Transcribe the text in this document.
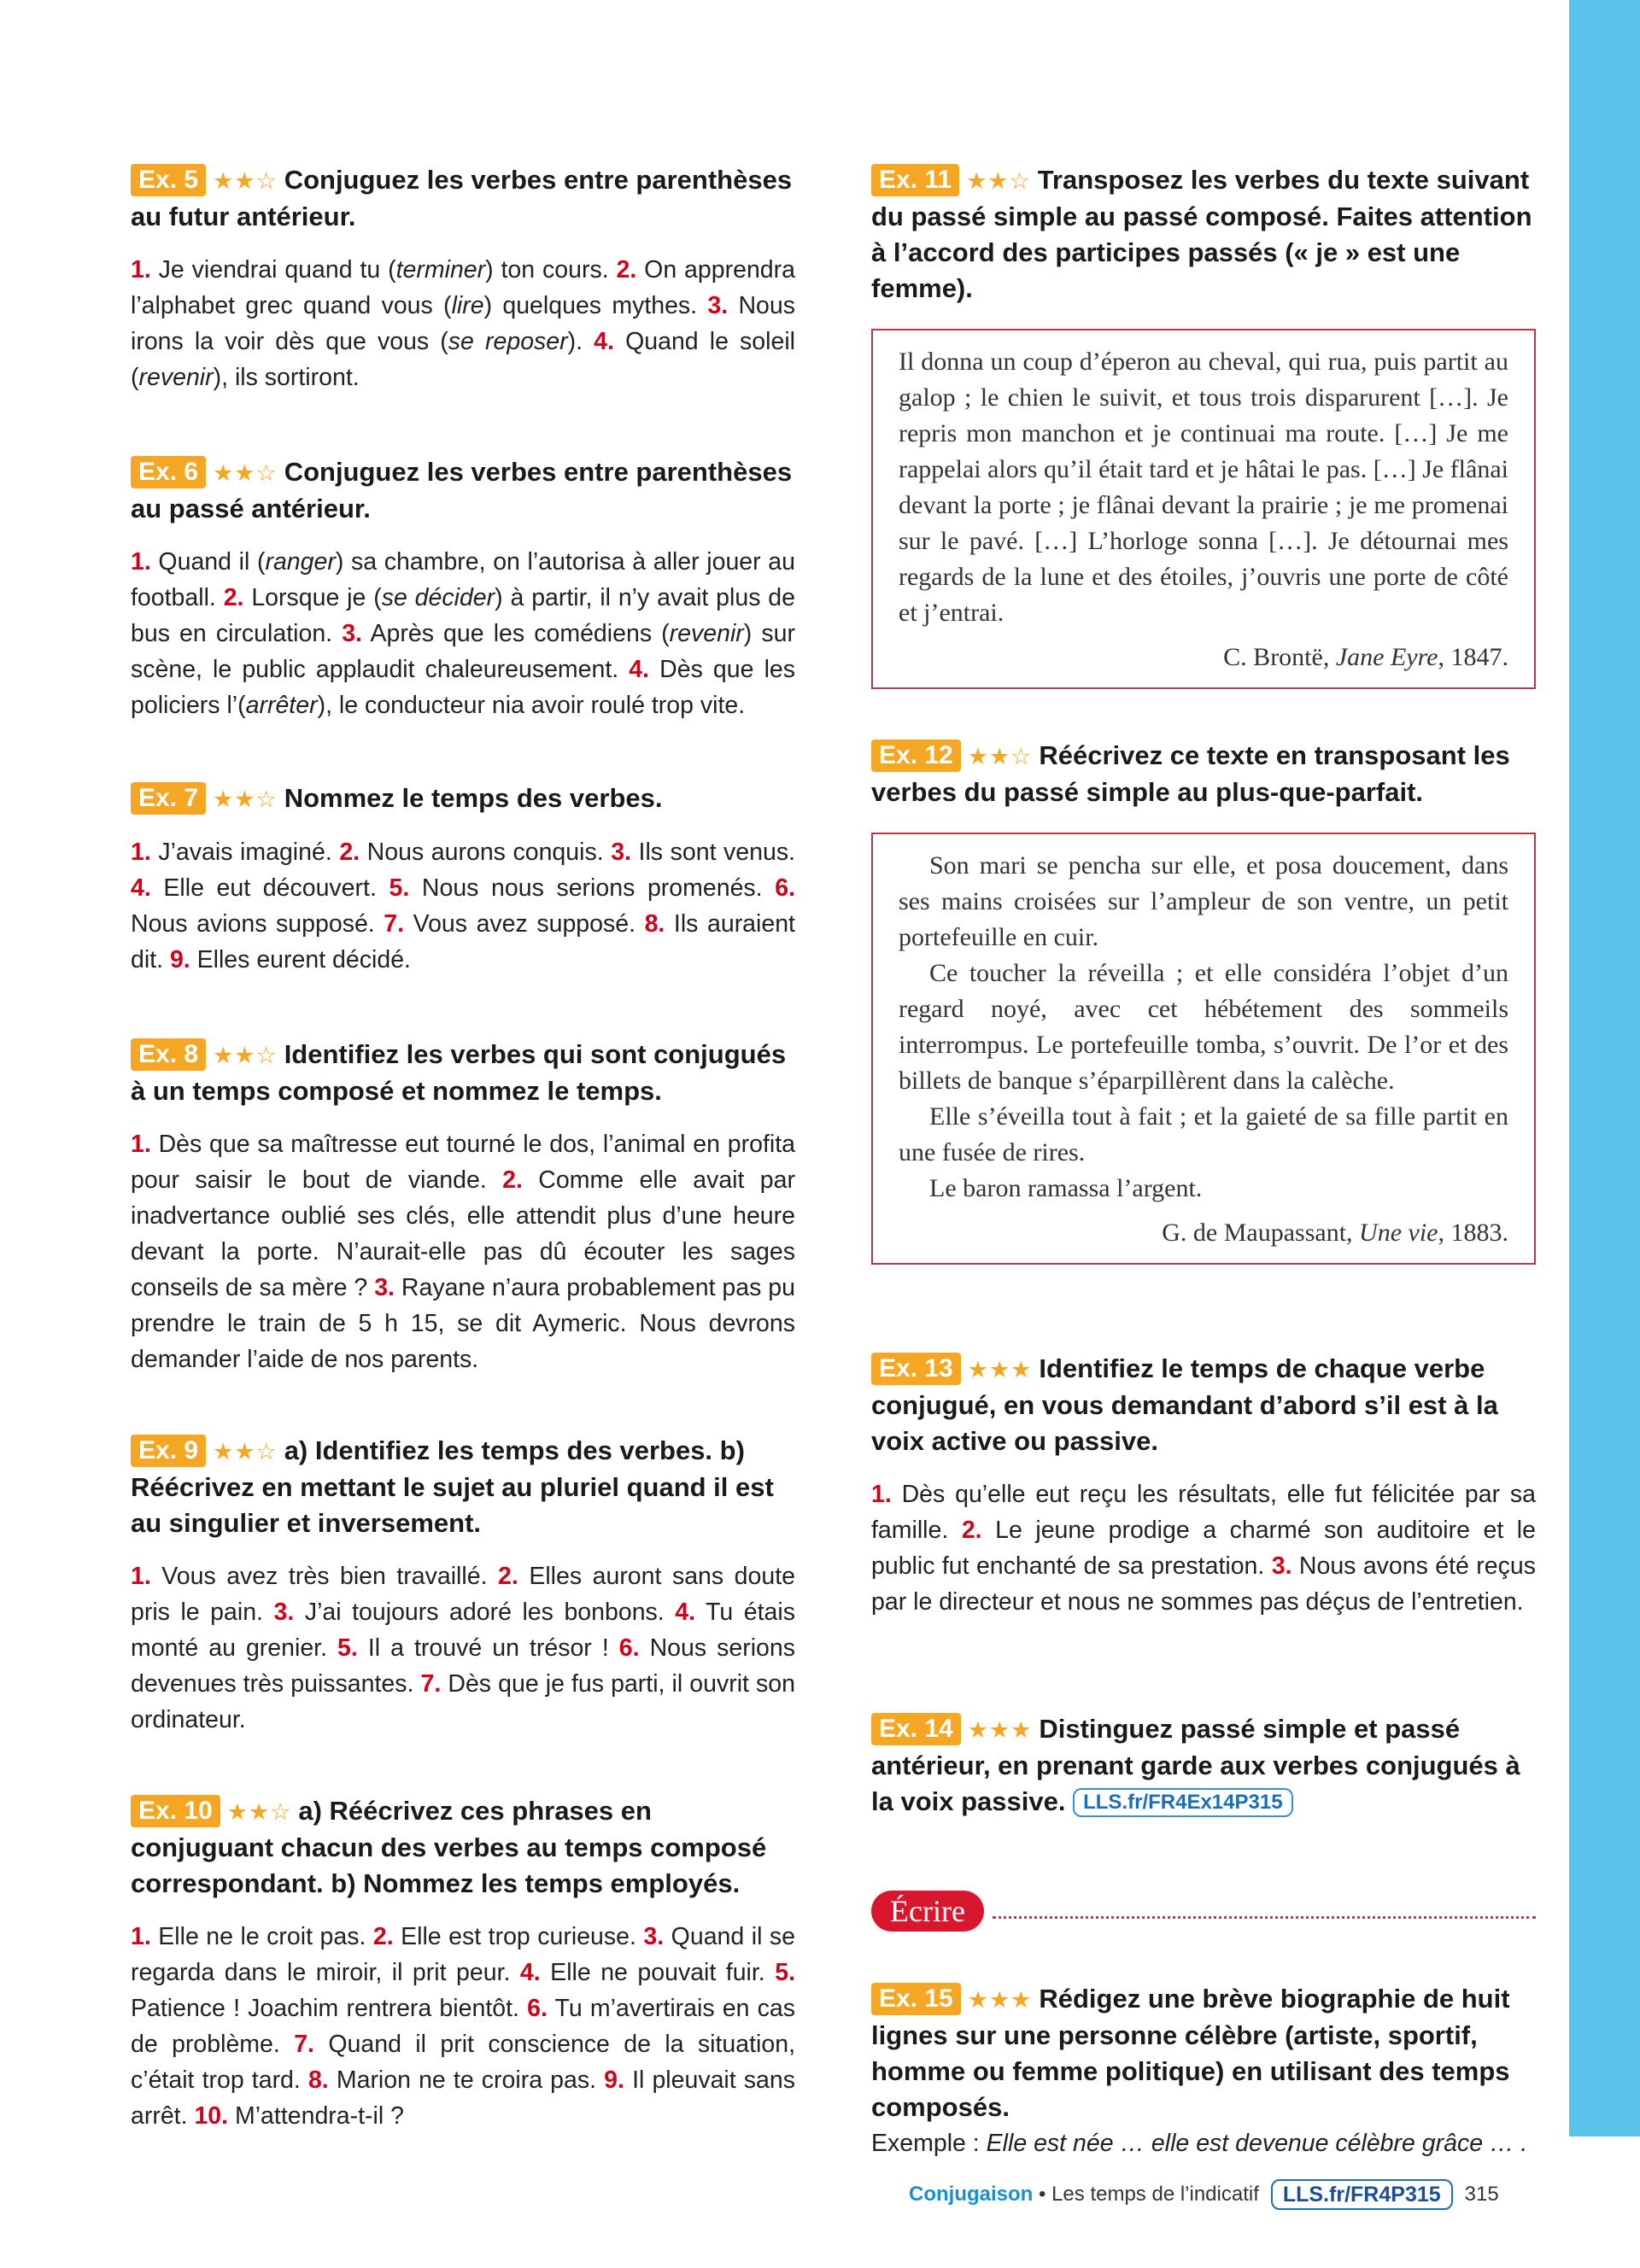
Ex. 5 ★★☆ Conjuguez les verbes entre parenthèses au futur antérieur.

1. Je viendrai quand tu (terminer) ton cours. 2. On apprendra l’alphabet grec quand vous (lire) quelques mythes. 3. Nous irons la voir dès que vous (se reposer). 4. Quand le soleil (revenir), ils sortiront.

Ex. 6 ★★☆ Conjuguez les verbes entre parenthèses au passé antérieur.

1. Quand il (ranger) sa chambre, on l’autorisa à aller jouer au football. 2. Lorsque je (se décider) à partir, il n’y avait plus de bus en circulation. 3. Après que les comédiens (revenir) sur scène, le public applaudit chaleureusement. 4. Dès que les policiers l’(arrêter), le conducteur nia avoir roulé trop vite.

Ex. 7 ★★☆ Nommez le temps des verbes.

1. J’avais imaginé. 2. Nous aurons conquis. 3. Ils sont venus. 4. Elle eut découvert. 5. Nous nous serions promenés. 6. Nous avions supposé. 7. Vous avez supposé. 8. Ils auraient dit. 9. Elles eurent décidé.

Ex. 8 ★★☆ Identifiez les verbes qui sont conjugués à un temps composé et nommez le temps.

1. Dès que sa maîtresse eut tourné le dos, l’animal en profita pour saisir le bout de viande. 2. Comme elle avait par inadvertance oublié ses clés, elle attendit plus d’une heure devant la porte. N’aurait-elle pas dû écouter les sages conseils de sa mère ? 3. Rayane n’aura probablement pas pu prendre le train de 5 h 15, se dit Aymeric. Nous devrons demander l’aide de nos parents.

Ex. 9 ★★☆ a) Identifiez les temps des verbes. b) Réécrivez en mettant le sujet au pluriel quand il est au singulier et inversement.

1. Vous avez très bien travaillé. 2. Elles auront sans doute pris le pain. 3. J’ai toujours adoré les bonbons. 4. Tu étais monté au grenier. 5. Il a trouvé un trésor ! 6. Nous serions devenues très puissantes. 7. Dès que je fus parti, il ouvrit son ordinateur.

Ex. 10 ★★☆ a) Réécrivez ces phrases en conjuguant chacun des verbes au temps composé correspondant. b) Nommez les temps employés.

1. Elle ne le croit pas. 2. Elle est trop curieuse. 3. Quand il se regarda dans le miroir, il prit peur. 4. Elle ne pouvait fuir. 5. Patience ! Joachim rentrera bientôt. 6. Tu m’avertirais en cas de problème. 7. Quand il prit conscience de la situation, c’était trop tard. 8. Marion ne te croira pas. 9. Il pleuvait sans arrêt. 10. M’attendra-t-il ?

Ex. 11 ★★☆ Transposez les verbes du texte suivant du passé simple au passé composé. Faites attention à l’accord des participes passés (« je » est une femme).

Il donna un coup d’éperon au cheval, qui rua, puis partit au galop ; le chien le suivit, et tous trois disparurent […]. Je repris mon manchon et je continuai ma route. […] Je me rappelai alors qu’il était tard et je hâtai le pas. […] Je flânai devant la porte ; je flânai devant la prairie ; je me promenai sur le pavé. […] L’horloge sonna […]. Je détournai mes regards de la lune et des étoiles, j’ouvris une porte de côté et j’entrai.

C. Brontë, Jane Eyre, 1847.

Ex. 12 ★★☆ Réécrivez ce texte en transposant les verbes du passé simple au plus-que-parfait.

Son mari se pencha sur elle, et posa doucement, dans ses mains croisées sur l’ampleur de son ventre, un petit portefeuille en cuir.

Ce toucher la réveilla ; et elle considéra l’objet d’un regard noyé, avec cet hébétement des sommeils interrompus. Le portefeuille tomba, s’ouvrit. De l’or et des billets de banque s’éparpillèrent dans la calèche.

Elle s’éveilla tout à fait ; et la gaieté de sa fille partit en une fusée de rires.

Le baron ramassa l’argent.

G. de Maupassant, Une vie, 1883.

Ex. 13 ★★★ Identifiez le temps de chaque verbe conjugué, en vous demandant d’abord s’il est à la voix active ou passive.

1. Dès qu’elle eut reçu les résultats, elle fut félicitée par sa famille. 2. Le jeune prodige a charmé son auditoire et le public fut enchanté de sa prestation. 3. Nous avons été reçus par le directeur et nous ne sommes pas déçus de l’entretien.

Ex. 14 ★★★ Distinguez passé simple et passé antérieur, en prenant garde aux verbes conjugués à la voix passive. LLS.fr/FR4Ex14P315

Écrire

Ex. 15 ★★★ Rédigez une brève biographie de huit lignes sur une personne célèbre (artiste, sportif, homme ou femme politique) en utilisant des temps composés.

Exemple : Elle est née … elle est devenue célèbre grâce … .

Conjugaison • Les temps de l’indicatif	LLS.fr/FR4P315	315
